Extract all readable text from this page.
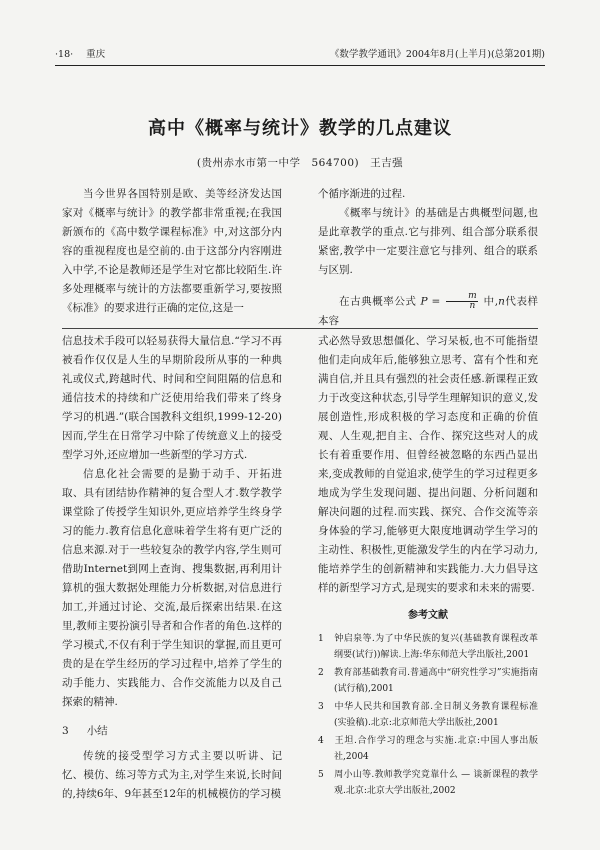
·18· 重庆	《数学教学通讯》2004年8月(上半月)(总第201期)
高中《概率与统计》教学的几点建议
(贵州赤水市第一中学　564700)　王吉强

当今世界各国特别是欧、美等经济发达国家对《概率与统计》的教学都非常重视;在我国新颁布的《高中数学课程标准》中,对这部分内容的重视程度也是空前的.由于这部分内容刚进入中学,不论是教师还是学生对它都比较陌生.许多处理概率与统计的方法都要重新学习,要按照《标准》的要求进行正确的定位,这是一

个循序渐进的过程.

《概率与统计》的基础是古典概型问题,也是此章教学的重点.它与排列、组合部分联系很紧密,教学中一定要注意它与排列、组合的联系与区别.

在古典概率公式 $P = \frac{m}{n}$ 中,n代表样本容

信息技术手段可以轻易获得大量信息.“学习不再被看作仅仅是人生的早期阶段所从事的一种典礼或仪式,跨越时代、时间和空间阻隔的信息和通信技术的持续和广泛使用给我们带来了终身学习的机遇.”(联合国教科文组织,1999-12-20)因而,学生在日常学习中除了传统意义上的接受型学习外,还应增加一些新型的学习方式.

信息化社会需要的是勤于动手、开拓进取、具有团结协作精神的复合型人才.数学教学课堂除了传授学生知识外,更应培养学生终身学习的能力.教育信息化意味着学生将有更广泛的信息来源.对于一些较复杂的教学内容,学生则可借助Internet到网上查询、搜集数据,再利用计算机的强大数据处理能力分析数据,对信息进行加工,并通过讨论、交流,最后探索出结果.在这里,教师主要扮演引导者和合作者的角色.这样的学习模式,不仅有利于学生知识的掌握,而且更可贵的是在学生经历的学习过程中,培养了学生的动手能力、实践能力、合作交流能力以及自己探索的精神.

3 小结

传统的接受型学习方式主要以听讲、记忆、模仿、练习等方式为主,对学生来说,长时间的,持续6年、9年甚至12年的机械模仿的学习模

式必然导致思想僵化、学习呆板,也不可能指望他们走向成年后,能够独立思考、富有个性和充满自信,并且具有强烈的社会责任感.新课程正致力于改变这种状态,引导学生理解知识的意义,发展创造性,形成积极的学习态度和正确的价值观、人生观,把自主、合作、探究这些对人的成长有着重要作用、但曾经被忽略的东西凸显出来,变成教师的自觉追求,使学生的学习过程更多地成为学生发现问题、提出问题、分析问题和解决问题的过程.而实践、探究、合作交流等亲身体验的学习,能够更大限度地调动学生学习的主动性、积极性,更能激发学生的内在学习动力,能培养学生的创新精神和实践能力.大力倡导这样的新型学习方式,是现实的要求和未来的需要.

参考文献
1 钟启泉等.为了中华民族的复兴(基础教育课程改革纲要(试行))解读.上海:华东师范大学出版社,2001
2 教育部基础教育司.普通高中“研究性学习”实施指南(试行稿),2001
3 中华人民共和国教育部.全日制义务教育课程标准(实验稿).北京:北京师范大学出版社,2001
4 王坦.合作学习的理念与实施.北京:中国人事出版社,2004
5 周小山等.教师教学究竟靠什么 — 谈新课程的教学观.北京:北京大学出版社,2002
